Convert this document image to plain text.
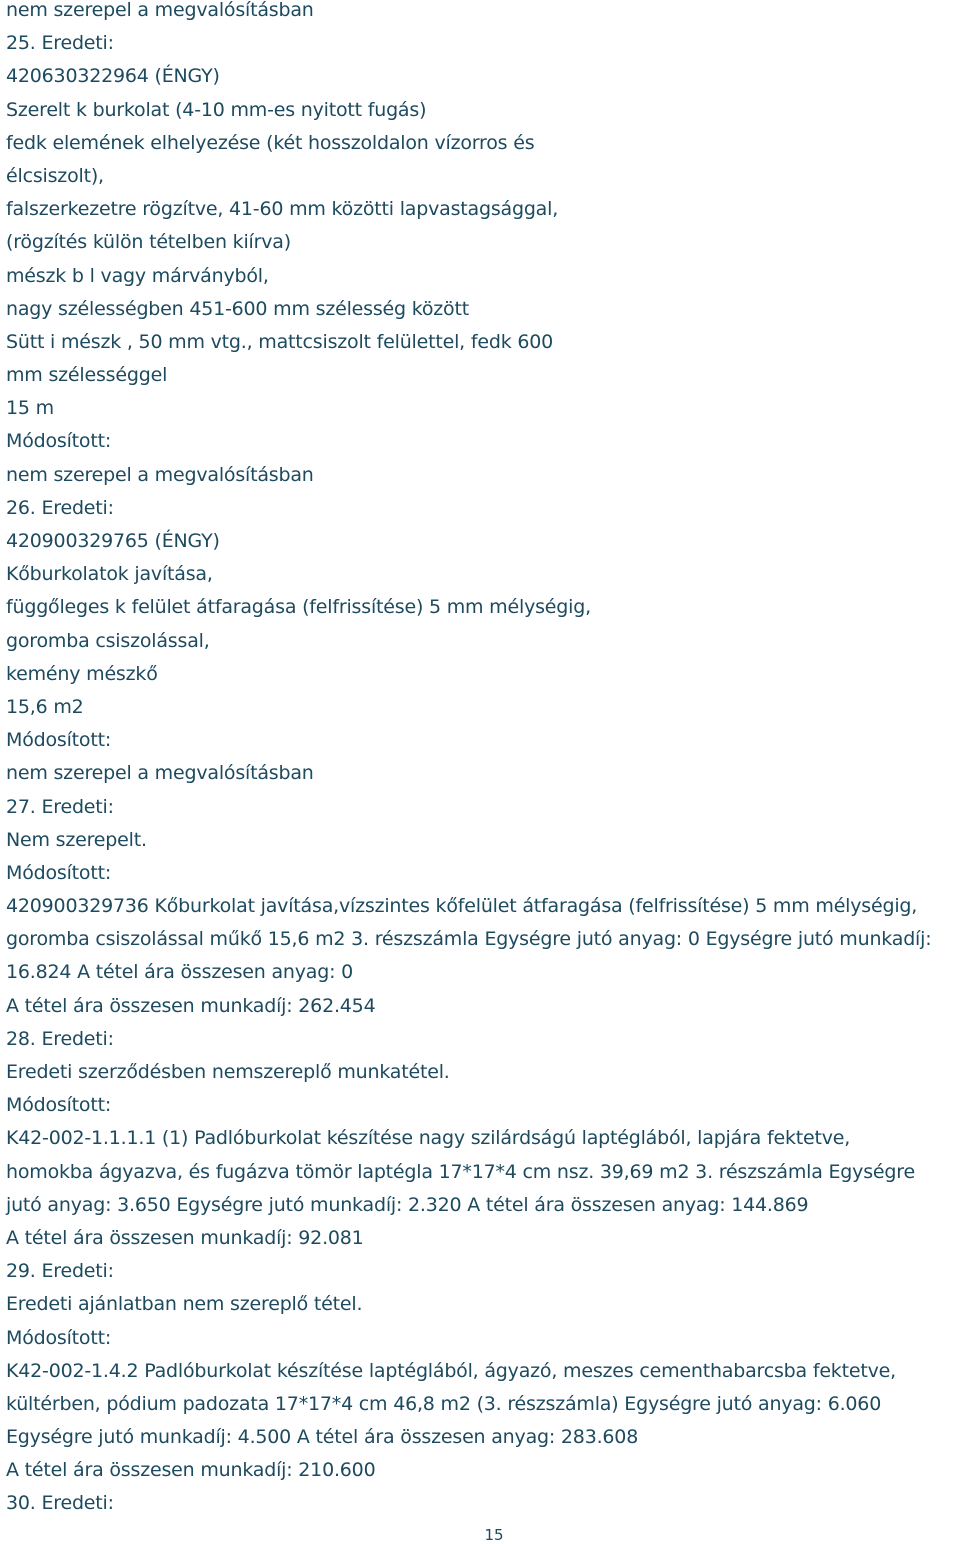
nem szerepel a megvalósításban
25. Eredeti:
420630322964 (ÉNGY)
Szerelt k burkolat (4-10 mm-es nyitott fugás)
fedk elemének elhelyezése (két hosszoldalon vízorros és
élcsiszolt),
falszerkezetre rögzítve, 41-60 mm közötti lapvastagsággal,
(rögzítés külön tételben kiírva)
mészk b l vagy márványból,
nagy szélességben 451-600 mm szélesség között
Sütt i mészk , 50 mm vtg., mattcsiszolt felülettel, fedk 600
mm szélességgel
15 m
Módosított:
nem szerepel a megvalósításban
26. Eredeti:
420900329765 (ÉNGY)
Kőburkolatok javítása,
függőleges k felület átfaragása (felfrissítése) 5 mm mélységig,
goromba csiszolással,
kemény mészkő
15,6 m2
Módosított:
nem szerepel a megvalósításban
27. Eredeti:
Nem szerepelt.
Módosított:
420900329736 Kőburkolat javítása,vízszintes kőfelület átfaragása (felfrissítése) 5 mm mélységig,
goromba csiszolással műkő 15,6 m2 3. részszámla Egységre jutó anyag: 0 Egységre jutó munkadíj:
16.824 A tétel ára összesen anyag: 0
A tétel ára összesen munkadíj: 262.454
28. Eredeti:
Eredeti szerződésben nemszereplő munkatétel.
Módosított:
K42-002-1.1.1.1 (1) Padlóburkolat készítése nagy szilárdságú laptéglából, lapjára fektetve,
homokba ágyazva, és fugázva tömör laptégla 17*17*4 cm nsz. 39,69 m2 3. részszámla Egységre
jutó anyag: 3.650 Egységre jutó munkadíj: 2.320 A tétel ára összesen anyag: 144.869
A tétel ára összesen munkadíj: 92.081
29. Eredeti:
Eredeti ajánlatban nem szereplő tétel.
Módosított:
K42-002-1.4.2 Padlóburkolat készítése laptéglából, ágyazó, meszes cementhabarcsba fektetve,
kültérben, pódium padozata 17*17*4 cm 46,8 m2 (3. részszámla) Egységre jutó anyag: 6.060
Egységre jutó munkadíj: 4.500 A tétel ára összesen anyag: 283.608
A tétel ára összesen munkadíj: 210.600
30. Eredeti:
15
